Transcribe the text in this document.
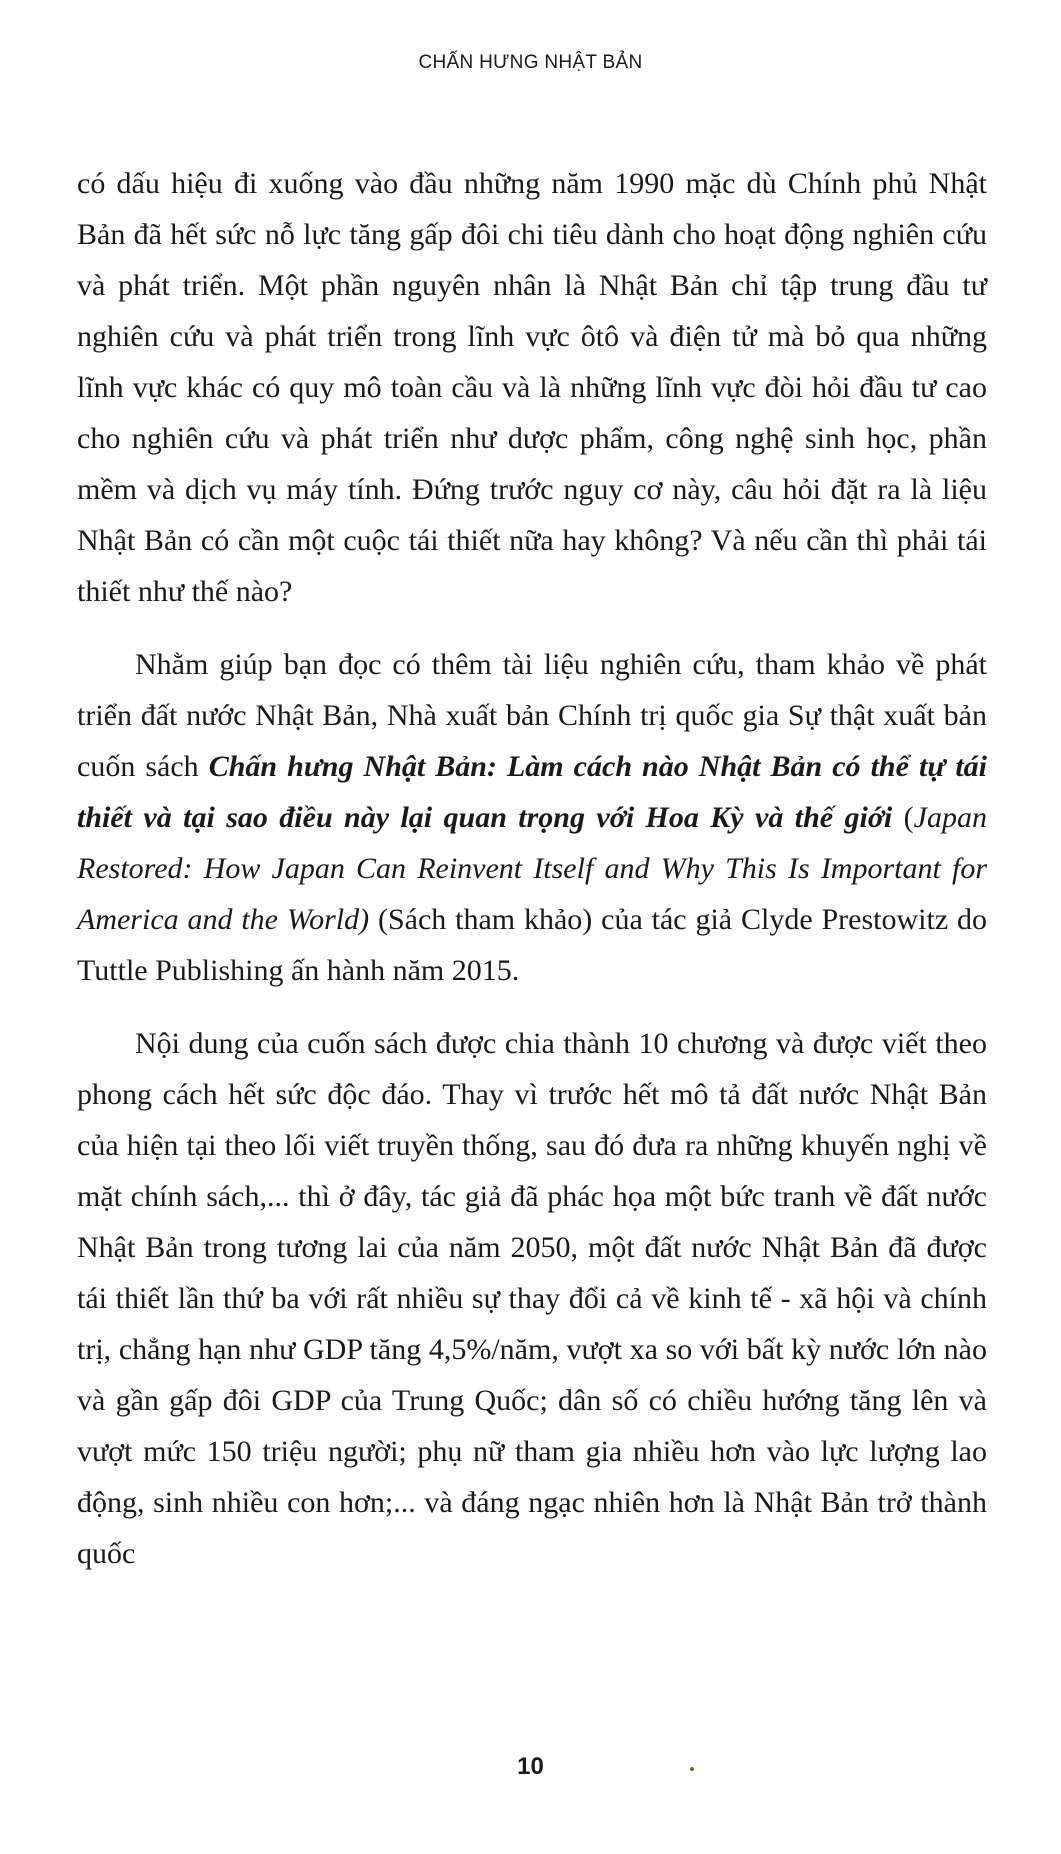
CHẤN HƯNG NHẬT BẢN

có dấu hiệu đi xuống vào đầu những năm 1990 mặc dù Chính phủ Nhật Bản đã hết sức nỗ lực tăng gấp đôi chi tiêu dành cho hoạt động nghiên cứu và phát triển. Một phần nguyên nhân là Nhật Bản chỉ tập trung đầu tư nghiên cứu và phát triển trong lĩnh vực ôtô và điện tử mà bỏ qua những lĩnh vực khác có quy mô toàn cầu và là những lĩnh vực đòi hỏi đầu tư cao cho nghiên cứu và phát triển như dược phẩm, công nghệ sinh học, phần mềm và dịch vụ máy tính. Đứng trước nguy cơ này, câu hỏi đặt ra là liệu Nhật Bản có cần một cuộc tái thiết nữa hay không? Và nếu cần thì phải tái thiết như thế nào?

Nhằm giúp bạn đọc có thêm tài liệu nghiên cứu, tham khảo về phát triển đất nước Nhật Bản, Nhà xuất bản Chính trị quốc gia Sự thật xuất bản cuốn sách Chấn hưng Nhật Bản: Làm cách nào Nhật Bản có thể tự tái thiết và tại sao điều này lại quan trọng với Hoa Kỳ và thế giới (Japan Restored: How Japan Can Reinvent Itself and Why This Is Important for America and the World) (Sách tham khảo) của tác giả Clyde Prestowitz do Tuttle Publishing ấn hành năm 2015.

Nội dung của cuốn sách được chia thành 10 chương và được viết theo phong cách hết sức độc đáo. Thay vì trước hết mô tả đất nước Nhật Bản của hiện tại theo lối viết truyền thống, sau đó đưa ra những khuyến nghị về mặt chính sách,... thì ở đây, tác giả đã phác họa một bức tranh về đất nước Nhật Bản trong tương lai của năm 2050, một đất nước Nhật Bản đã được tái thiết lần thứ ba với rất nhiều sự thay đổi cả về kinh tế - xã hội và chính trị, chẳng hạn như GDP tăng 4,5%/năm, vượt xa so với bất kỳ nước lớn nào và gần gấp đôi GDP của Trung Quốc; dân số có chiều hướng tăng lên và vượt mức 150 triệu người; phụ nữ tham gia nhiều hơn vào lực lượng lao động, sinh nhiều con hơn;... và đáng ngạc nhiên hơn là Nhật Bản trở thành quốc

10
